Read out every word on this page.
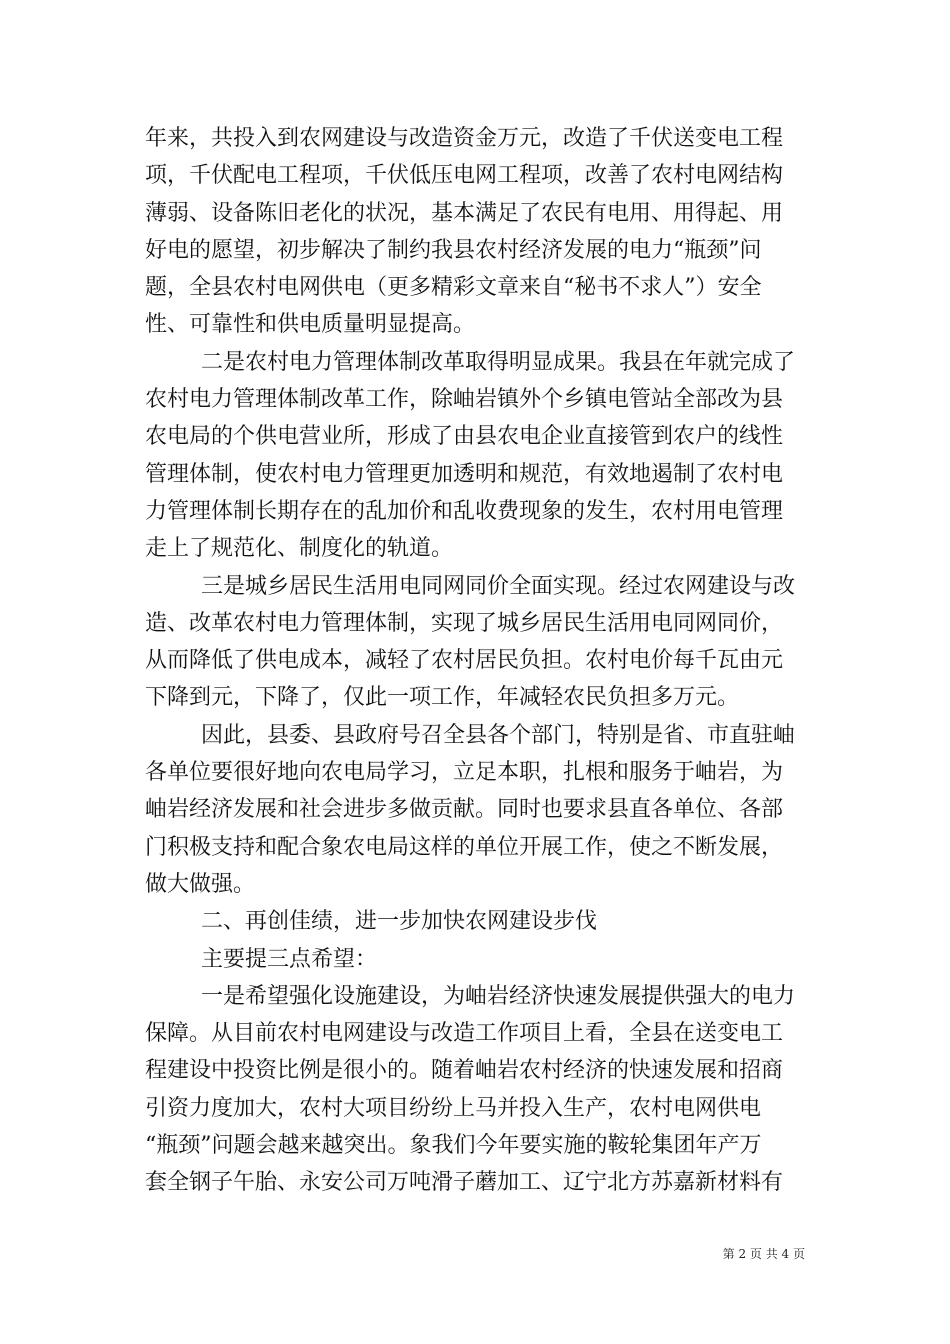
年来，共投入到农网建设与改造资金万元，改造了千伏送变电工程
项，千伏配电工程项，千伏低压电网工程项，改善了农村电网结构
薄弱、设备陈旧老化的状况，基本满足了农民有电用、用得起、用
好电的愿望，初步解决了制约我县农村经济发展的电力“瓶颈”问
题，全县农村电网供电（更多精彩文章来自“秘书不求人”）安全
性、可靠性和供电质量明显提高。
二是农村电力管理体制改革取得明显成果。我县在年就完成了
农村电力管理体制改革工作，除岫岩镇外个乡镇电管站全部改为县
农电局的个供电营业所，形成了由县农电企业直接管到农户的线性
管理体制，使农村电力管理更加透明和规范，有效地遏制了农村电
力管理体制长期存在的乱加价和乱收费现象的发生，农村用电管理
走上了规范化、制度化的轨道。
三是城乡居民生活用电同网同价全面实现。经过农网建设与改
造、改革农村电力管理体制，实现了城乡居民生活用电同网同价，
从而降低了供电成本，减轻了农村居民负担。农村电价每千瓦由元
下降到元，下降了，仅此一项工作，年减轻农民负担多万元。
因此，县委、县政府号召全县各个部门，特别是省、市直驻岫
各单位要很好地向农电局学习，立足本职，扎根和服务于岫岩，为
岫岩经济发展和社会进步多做贡献。同时也要求县直各单位、各部
门积极支持和配合象农电局这样的单位开展工作，使之不断发展，
做大做强。
二、再创佳绩，进一步加快农网建设步伐
主要提三点希望：
一是希望强化设施建设，为岫岩经济快速发展提供强大的电力
保障。从目前农村电网建设与改造工作项目上看，全县在送变电工
程建设中投资比例是很小的。随着岫岩农村经济的快速发展和招商
引资力度加大，农村大项目纷纷上马并投入生产，农村电网供电
“瓶颈”问题会越来越突出。象我们今年要实施的鞍轮集团年产万
套全钢子午胎、永安公司万吨滑子蘑加工、辽宁北方苏嘉新材料有
第 2 页 共 4 页
